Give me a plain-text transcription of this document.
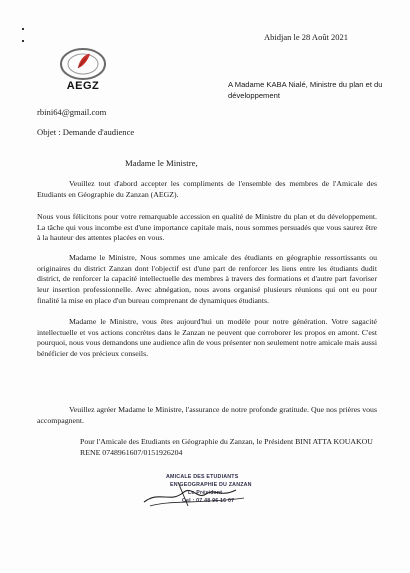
AEGZ
Abidjan le 28 Août 2021
A Madame KABA Nialé, Ministre du plan et du développement
rbini64@gmail.com
Objet : Demande d'audience
Madame le Ministre,
Veuillez tout d'abord accepter les compliments de l'ensemble des membres de l'Amicale des Etudiants en Géographie du Zanzan (AEGZ).
Nous vous félicitons pour votre remarquable accession en qualité de Ministre du plan et du développement. La tâche qui vous incombe est d'une importance capitale mais, nous sommes persuadés que vous saurez être à la hauteur des attentes placées en vous.
Madame le Ministre, Nous sommes une amicale des étudiants en géographie ressortissants ou originaires du district Zanzan dont l'objectif est d'une part de renforcer les liens entre les étudiants dudit district, de renforcer la capacité intellectuelle des membres à travers des formations et d'autre part favoriser leur insertion professionnelle. Avec abnégation, nous avons organisé plusieurs réunions qui ont eu pour finalité la mise en place d'un bureau comprenant de dynamiques étudiants.
Madame le Ministre, vous êtes aujourd'hui un modèle pour notre génération. Votre sagacité intellectuelle et vos actions concrètes dans le Zanzan ne peuvent que corroborer les propos en amont. C'est pourquoi, nous vous demandons une audience afin de vous présenter non seulement notre amicale mais aussi bénéficier de vos précieux conseils.
Veuillez agréer Madame le Ministre, l'assurance de notre profonde gratitude. Que nos prières vous accompagnent.
Pour l'Amicale des Etudiants en Géographie du Zanzan, le Président BINI ATTA KOUAKOU RENE 0748961607/0151926204
AMICALE DES ETUDIANTS
EN GEOGRAPHIE DU ZANZAN
Le Président
Cel : 07 48 96 16 07
